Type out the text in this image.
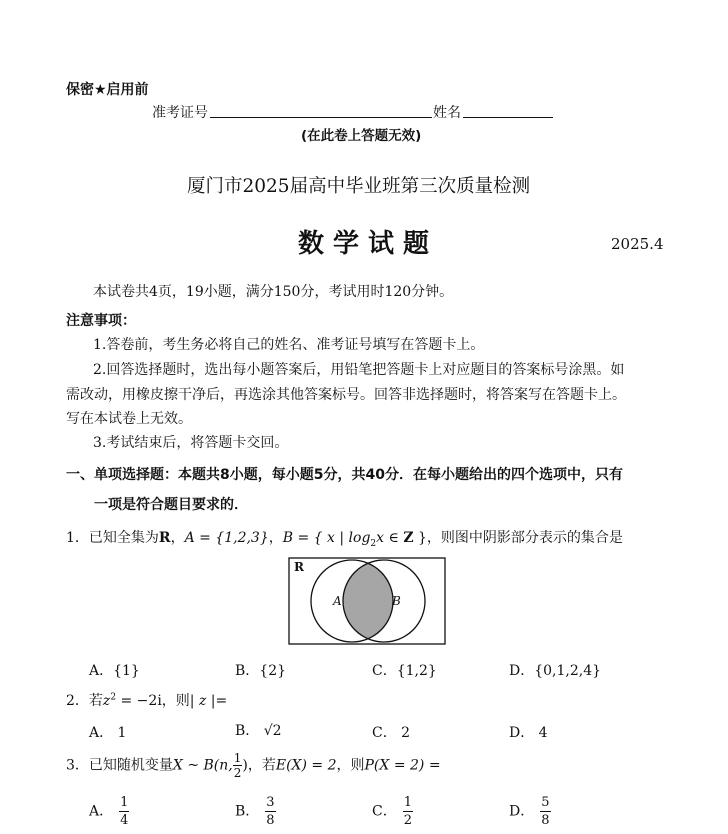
保密★启用前
准考证号	姓名
(在此卷上答题无效)
厦门市2025届高中毕业班第三次质量检测
数学试题	2025.4
本试卷共4页，19小题，满分150分，考试用时120分钟。
注意事项：
1.答卷前，考生务必将自己的姓名、准考证号填写在答题卡上。
2.回答选择题时，选出每小题答案后，用铅笔把答题卡上对应题目的答案标号涂黑。如
需改动，用橡皮擦干净后，再选涂其他答案标号。回答非选择题时，将答案写在答题卡上。
写在本试卷上无效。
3.考试结束后，将答题卡交回。
一、单项选择题：本题共8小题，每小题5分，共40分．在每小题给出的四个选项中，只有
一项是符合题目要求的．
1．已知全集为R，A = {1,2,3}，B = { x | $\log_2x$ ∈ Z }，则图中阴影部分表示的集合是
R
A	B
A．{1}	B．{2}	C．{1,2}	D．{0,1,2,4}
2．若$z^2 = -2i$，则| z |=
A． 1	B． √2	C． 2	D． 4
3．已知随机变量X ~ B(n, $\frac{1}{2}$ )，若E(X) = 2，则P(X = 2) =
A． $\frac{1}{4}$	B． $\frac{3}{8}$	C． $\frac{1}{2}$	D． $\frac{5}{8}$
